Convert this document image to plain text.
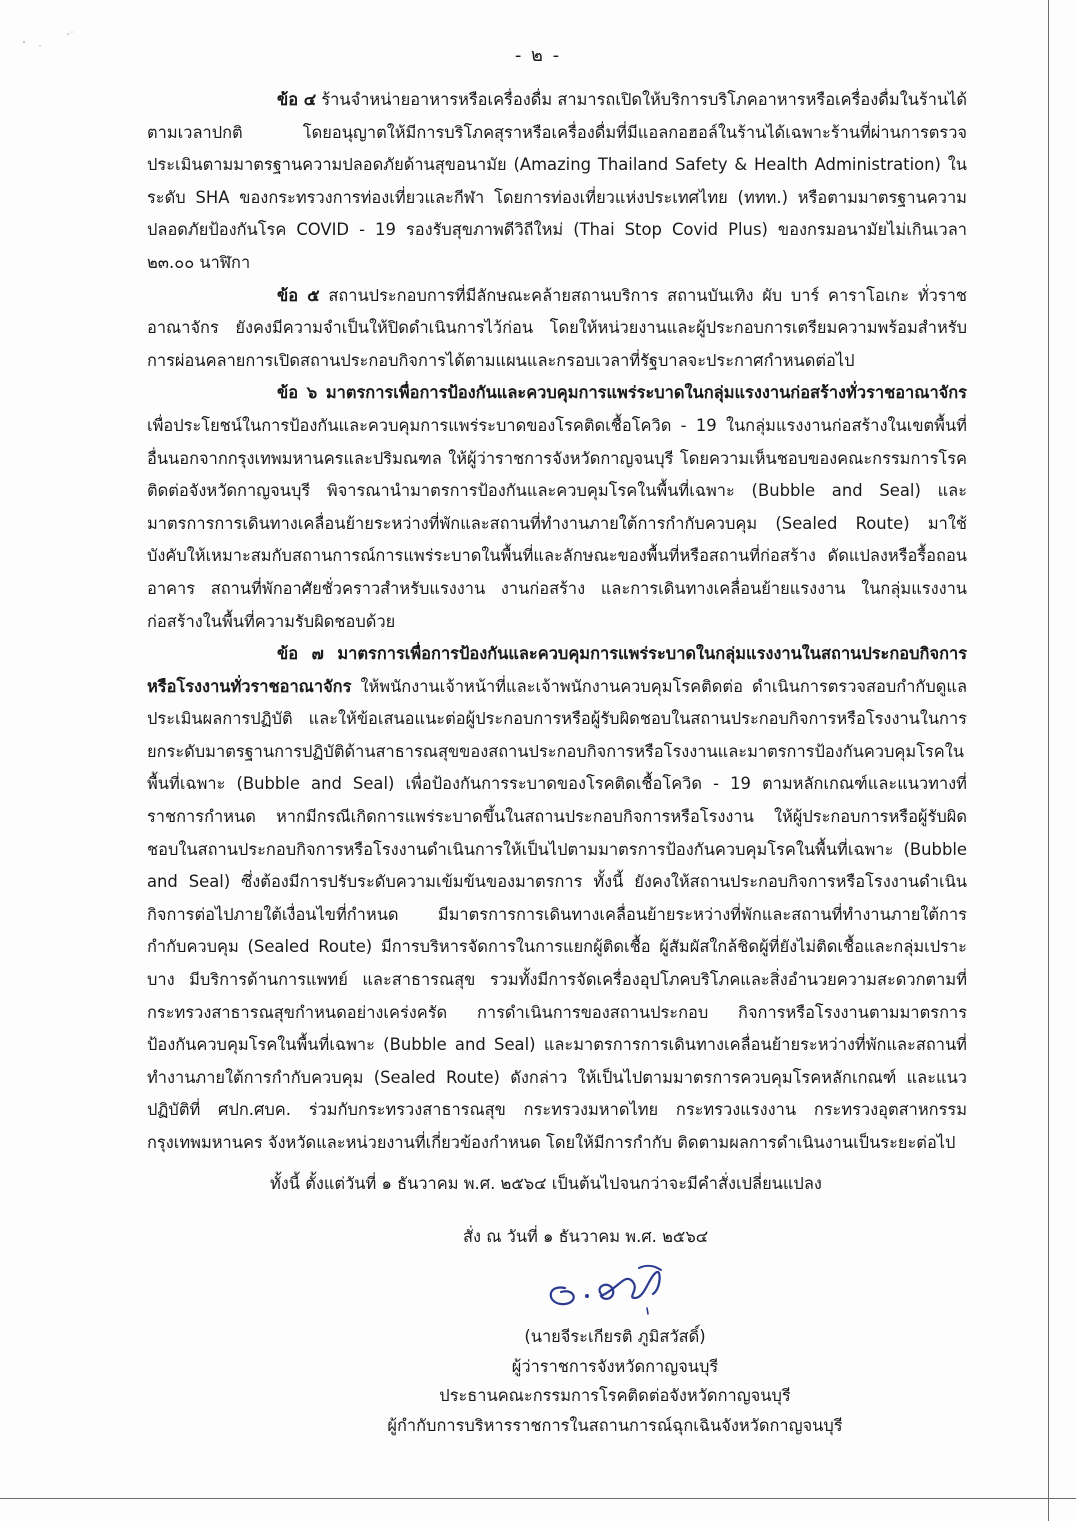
- ๒ -

ข้อ ๔ ร้านจำหน่ายอาหารหรือเครื่องดื่ม สามารถเปิดให้บริการบริโภคอาหารหรือเครื่องดื่มในร้านได้ตามเวลาปกติ โดยอนุญาตให้มีการบริโภคสุราหรือเครื่องดื่มที่มีแอลกอฮอล์ในร้านได้เฉพาะร้านที่ผ่านการตรวจประเมินตามมาตรฐานความปลอดภัยด้านสุขอนามัย (Amazing Thailand Safety & Health Administration) ในระดับ SHA ของกระทรวงการท่องเที่ยวและกีฬา โดยการท่องเที่ยวแห่งประเทศไทย (ททท.) หรือตามมาตรฐานความปลอดภัยป้องกันโรค COVID - 19 รองรับสุขภาพดีวิถีใหม่ (Thai Stop Covid Plus) ของกรมอนามัยไม่เกินเวลา ๒๓.๐๐ นาฬิกา

ข้อ ๕ สถานประกอบการที่มีลักษณะคล้ายสถานบริการ สถานบันเทิง ผับ บาร์ คาราโอเกะ ทั่วราชอาณาจักร ยังคงมีความจำเป็นให้ปิดดำเนินการไว้ก่อน โดยให้หน่วยงานและผู้ประกอบการเตรียมความพร้อมสำหรับการผ่อนคลายการเปิดสถานประกอบกิจการได้ตามแผนและกรอบเวลาที่รัฐบาลจะประกาศกำหนดต่อไป

ข้อ ๖ มาตรการเพื่อการป้องกันและควบคุมการแพร่ระบาดในกลุ่มแรงงานก่อสร้างทั่วราชอาณาจักร เพื่อประโยชน์ในการป้องกันและควบคุมการแพร่ระบาดของโรคติดเชื้อโควิด - 19 ในกลุ่มแรงงานก่อสร้างในเขตพื้นที่อื่นนอกจากกรุงเทพมหานครและปริมณฑล ให้ผู้ว่าราชการจังหวัดกาญจนบุรี โดยความเห็นชอบของคณะกรรมการโรคติดต่อจังหวัดกาญจนบุรี พิจารณานำมาตรการป้องกันและควบคุมโรคในพื้นที่เฉพาะ (Bubble and Seal) และมาตรการการเดินทางเคลื่อนย้ายระหว่างที่พักและสถานที่ทำงานภายใต้การกำกับควบคุม (Sealed Route) มาใช้บังคับให้เหมาะสมกับสถานการณ์การแพร่ระบาดในพื้นที่และลักษณะของพื้นที่หรือสถานที่ก่อสร้าง ดัดแปลงหรือรื้อถอนอาคาร สถานที่พักอาศัยชั่วคราวสำหรับแรงงาน งานก่อสร้าง และการเดินทางเคลื่อนย้ายแรงงาน ในกลุ่มแรงงานก่อสร้างในพื้นที่ความรับผิดชอบด้วย

ข้อ ๗ มาตรการเพื่อการป้องกันและควบคุมการแพร่ระบาดในกลุ่มแรงงานในสถานประกอบกิจการหรือโรงงานทั่วราชอาณาจักร ให้พนักงานเจ้าหน้าที่และเจ้าพนักงานควบคุมโรคติดต่อ ดำเนินการตรวจสอบกำกับดูแล ประเมินผลการปฏิบัติ และให้ข้อเสนอแนะต่อผู้ประกอบการหรือผู้รับผิดชอบในสถานประกอบกิจการหรือโรงงานในการยกระดับมาตรฐานการปฏิบัติด้านสาธารณสุขของสถานประกอบกิจการหรือโรงงานและมาตรการป้องกันควบคุมโรคในพื้นที่เฉพาะ (Bubble and Seal) เพื่อป้องกันการระบาดของโรคติดเชื้อโควิด - 19 ตามหลักเกณฑ์และแนวทางที่ราชการกำหนด หากมีกรณีเกิดการแพร่ระบาดขึ้นในสถานประกอบกิจการหรือโรงงาน ให้ผู้ประกอบการหรือผู้รับผิดชอบในสถานประกอบกิจการหรือโรงงานดำเนินการให้เป็นไปตามมาตรการป้องกันควบคุมโรคในพื้นที่เฉพาะ (Bubble and Seal) ซึ่งต้องมีการปรับระดับความเข้มข้นของมาตรการ ทั้งนี้ ยังคงให้สถานประกอบกิจการหรือโรงงานดำเนินกิจการต่อไปภายใต้เงื่อนไขที่กำหนด มีมาตรการการเดินทางเคลื่อนย้ายระหว่างที่พักและสถานที่ทำงานภายใต้การกำกับควบคุม (Sealed Route) มีการบริหารจัดการในการแยกผู้ติดเชื้อ ผู้สัมผัสใกล้ชิดผู้ที่ยังไม่ติดเชื้อและกลุ่มเปราะบาง มีบริการด้านการแพทย์ และสาธารณสุข รวมทั้งมีการจัดเครื่องอุปโภคบริโภคและสิ่งอำนวยความสะดวกตามที่กระทรวงสาธารณสุขกำหนดอย่างเคร่งครัด การดำเนินการของสถานประกอบ กิจการหรือโรงงานตามมาตรการป้องกันควบคุมโรคในพื้นที่เฉพาะ (Bubble and Seal) และมาตรการการเดินทางเคลื่อนย้ายระหว่างที่พักและสถานที่ทำงานภายใต้การกำกับควบคุม (Sealed Route) ดังกล่าว ให้เป็นไปตามมาตรการควบคุมโรคหลักเกณฑ์ และแนวปฏิบัติที่ ศปก.ศบค. ร่วมกับกระทรวงสาธารณสุข กระทรวงมหาดไทย กระทรวงแรงงาน กระทรวงอุตสาหกรรม กรุงเทพมหานคร จังหวัดและหน่วยงานที่เกี่ยวข้องกำหนด โดยให้มีการกำกับ ติดตามผลการดำเนินงานเป็นระยะต่อไป

ทั้งนี้ ตั้งแต่วันที่ ๑ ธันวาคม พ.ศ. ๒๕๖๔ เป็นต้นไปจนกว่าจะมีคำสั่งเปลี่ยนแปลง
สั่ง ณ วันที่ ๑ ธันวาคม พ.ศ. ๒๕๖๔
(นายจีระเกียรติ ภูมิสวัสดิ์)
ผู้ว่าราชการจังหวัดกาญจนบุรี
ประธานคณะกรรมการโรคติดต่อจังหวัดกาญจนบุรี
ผู้กำกับการบริหารราชการในสถานการณ์ฉุกเฉินจังหวัดกาญจนบุรี
